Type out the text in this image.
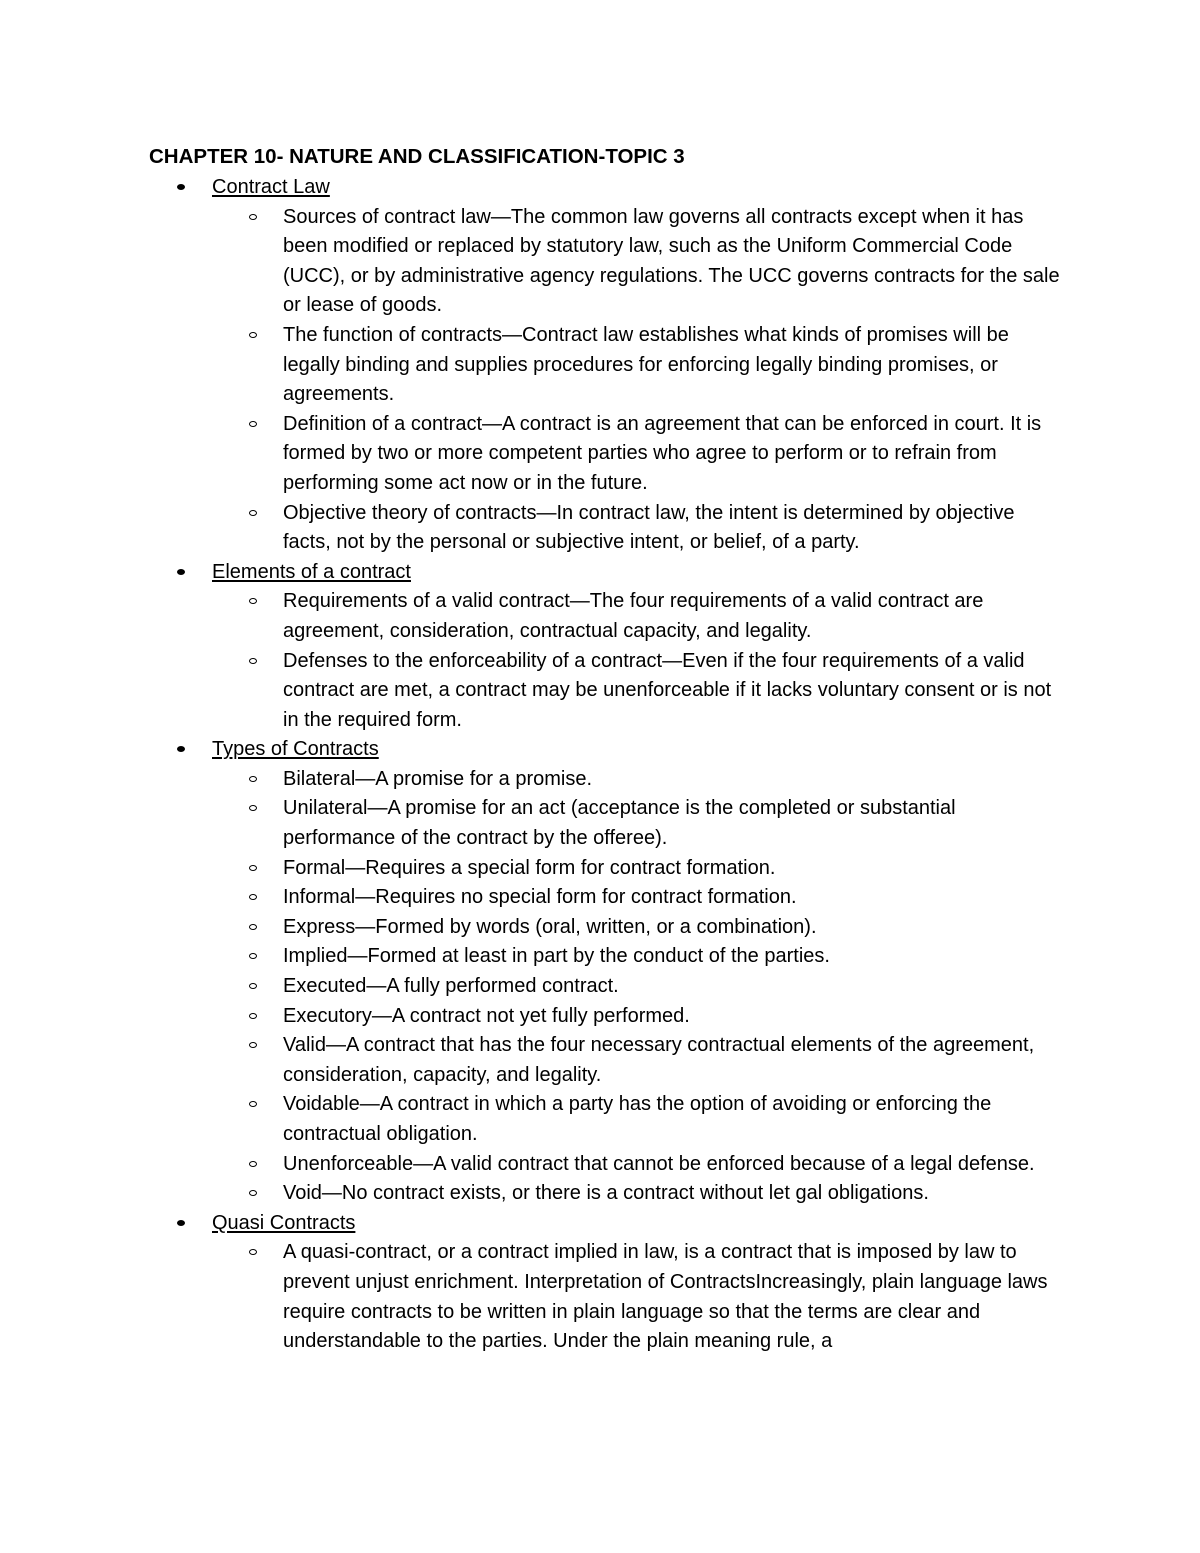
CHAPTER 10- NATURE AND CLASSIFICATION-TOPIC 3
Contract Law
Sources of contract law—The common law governs all contracts except when it has been modified or replaced by statutory law, such as the Uniform Commercial Code (UCC), or by administrative agency regulations. The UCC governs contracts for the sale or lease of goods.
The function of contracts—Contract law establishes what kinds of promises will be legally binding and supplies procedures for enforcing legally binding promises, or agreements.
Definition of a contract—A contract is an agreement that can be enforced in court. It is formed by two or more competent parties who agree to perform or to refrain from performing some act now or in the future.
Objective theory of contracts—In contract law, the intent is determined by objective facts, not by the personal or subjective intent, or belief, of a party.
Elements of a contract
Requirements of a valid contract—The four requirements of a valid contract are agreement, consideration, contractual capacity, and legality.
Defenses to the enforceability of a contract—Even if the four requirements of a valid contract are met, a contract may be unenforceable if it lacks voluntary consent or is not in the required form.
Types of Contracts
Bilateral—A promise for a promise.
Unilateral—A promise for an act (acceptance is the completed or substantial performance of the contract by the offeree).
Formal—Requires a special form for contract formation.
Informal—Requires no special form for contract formation.
Express—Formed by words (oral, written, or a combination).
Implied—Formed at least in part by the conduct of the parties.
Executed—A fully performed contract.
Executory—A contract not yet fully performed.
Valid—A contract that has the four necessary contractual elements of the agreement, consideration, capacity, and legality.
Voidable—A contract in which a party has the option of avoiding or enforcing the contractual obligation.
Unenforceable—A valid contract that cannot be enforced because of a legal defense.
Void—No contract exists, or there is a contract without let gal obligations.
Quasi Contracts
A quasi-contract, or a contract implied in law, is a contract that is imposed by law to prevent unjust enrichment. Interpretation of ContractsIncreasingly, plain language laws require contracts to be written in plain language so that the terms are clear and understandable to the parties. Under the plain meaning rule, a
